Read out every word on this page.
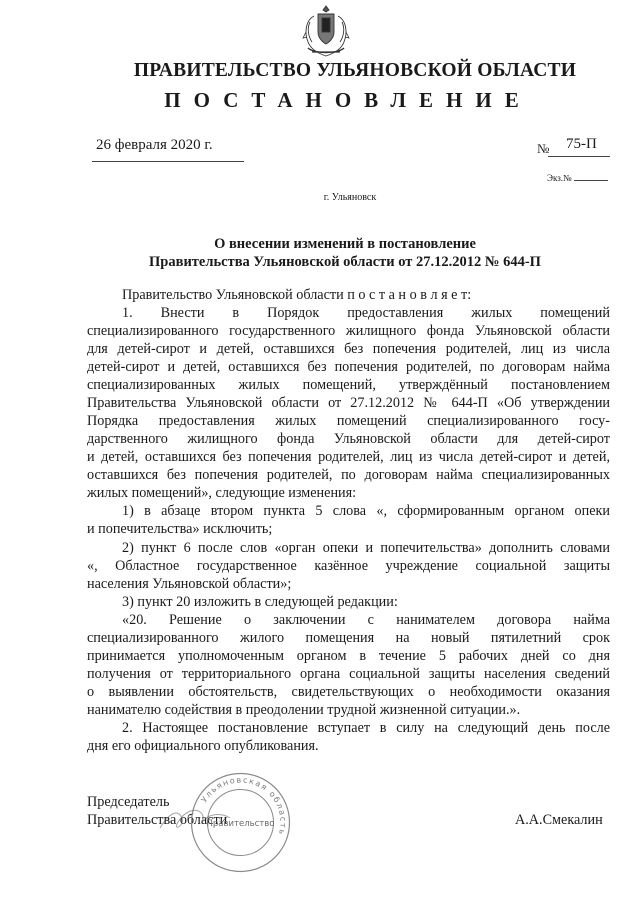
ПРАВИТЕЛЬСТВО УЛЬЯНОВСКОЙ ОБЛАСТИ
ПОСТАНОВЛЕНИЕ
26 февраля 2020 г.	№ 75-П
Экз.№
г. Ульяновск
О внесении изменений в постановление
Правительства Ульяновской области от 27.12.2012 № 644-П
Правительство Ульяновской области п о с т а н о в л я е т:
1. Внести в Порядок предоставления жилых помещений
специализированного государственного жилищного фонда Ульяновской области
для детей-сирот и детей, оставшихся без попечения родителей, лиц из числа
детей-сирот и детей, оставшихся без попечения родителей, по договорам найма
специализированных жилых помещений, утверждённый постановлением
Правительства Ульяновской области от 27.12.2012 № 644-П «Об утверждении
Порядка предоставления жилых помещений специализированного госу-
дарственного жилищного фонда Ульяновской области для детей-сирот
и детей, оставшихся без попечения родителей, лиц из числа детей-сирот и детей,
оставшихся без попечения родителей, по договорам найма специализированных
жилых помещений», следующие изменения:
1) в абзаце втором пункта 5 слова «, сформированным органом опеки
и попечительства» исключить;
2) пункт 6 после слов «орган опеки и попечительства» дополнить словами
«, Областное государственное казённое учреждение социальной защиты
населения Ульяновской области»;
3) пункт 20 изложить в следующей редакции:
«20. Решение о заключении с нанимателем договора найма
специализированного жилого помещения на новый пятилетний срок
принимается уполномоченным органом в течение 5 рабочих дней со дня
получения от территориального органа социальной защиты населения сведений
о выявлении обстоятельств, свидетельствующих о необходимости оказания
нанимателю содействия в преодолении трудной жизненной ситуации.».
2. Настоящее постановление вступает в силу на следующий день после
дня его официального опубликования.
Председатель
Правительства области	А.А.Смекалин
Ульяновская область
Правительство
